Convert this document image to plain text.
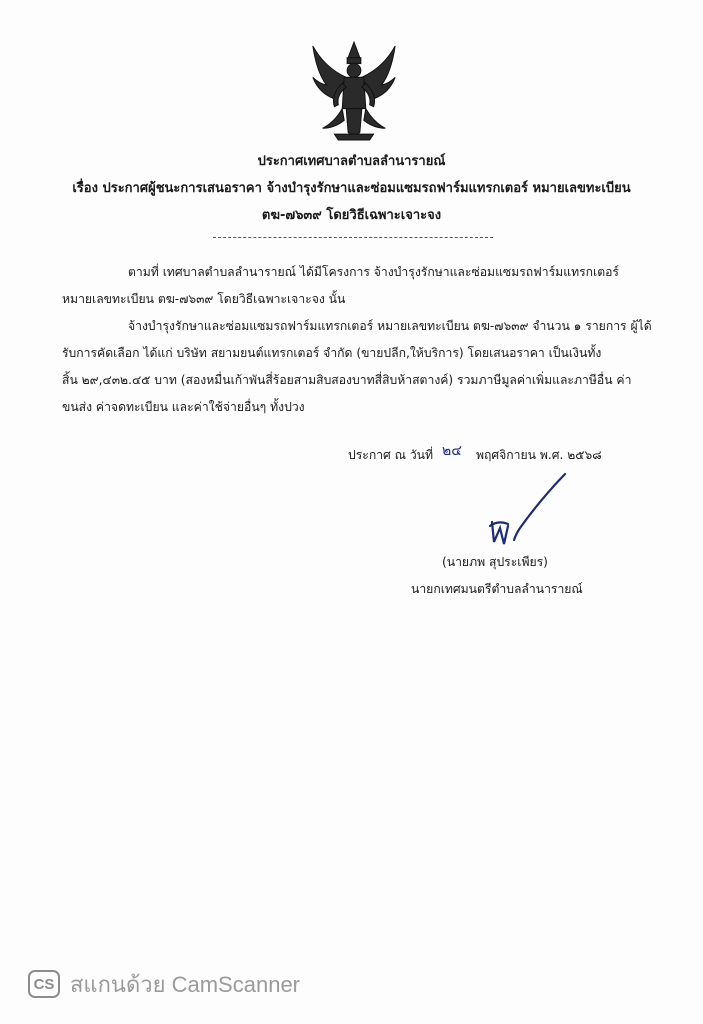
ประกาศเทศบาลตำบลลำนารายณ์
เรื่อง ประกาศผู้ชนะการเสนอราคา จ้างบำรุงรักษาและซ่อมแซมรถฟาร์มแทรกเตอร์ หมายเลขทะเบียน
ตฆ-๗๖๓๙ โดยวิธีเฉพาะเจาะจง
ตามที่ เทศบาลตำบลลำนารายณ์ ได้มีโครงการ จ้างบำรุงรักษาและซ่อมแซมรถฟาร์มแทรกเตอร์
หมายเลขทะเบียน ตฆ-๗๖๓๙ โดยวิธีเฉพาะเจาะจง นั้น
จ้างบำรุงรักษาและซ่อมแซมรถฟาร์มแทรกเตอร์ หมายเลขทะเบียน ตฆ-๗๖๓๙ จำนวน ๑ รายการ ผู้ได้
รับการคัดเลือก ได้แก่ บริษัท สยามยนต์แทรกเตอร์ จำกัด (ขายปลีก,ให้บริการ) โดยเสนอราคา เป็นเงินทั้ง
สิ้น ๒๙,๔๓๒.๔๕ บาท (สองหมื่นเก้าพันสี่ร้อยสามสิบสองบาทสี่สิบห้าสตางค์) รวมภาษีมูลค่าเพิ่มและภาษีอื่น ค่า
ขนส่ง ค่าจดทะเบียน และค่าใช้จ่ายอื่นๆ ทั้งปวง
ประกาศ ณ วันที่ ๒๔ พฤศจิกายน พ.ศ. ๒๕๖๘
(นายภพ สุประเพียร)
นายกเทศมนตรีตำบลลำนารายณ์
CS สแกนด้วย CamScanner
